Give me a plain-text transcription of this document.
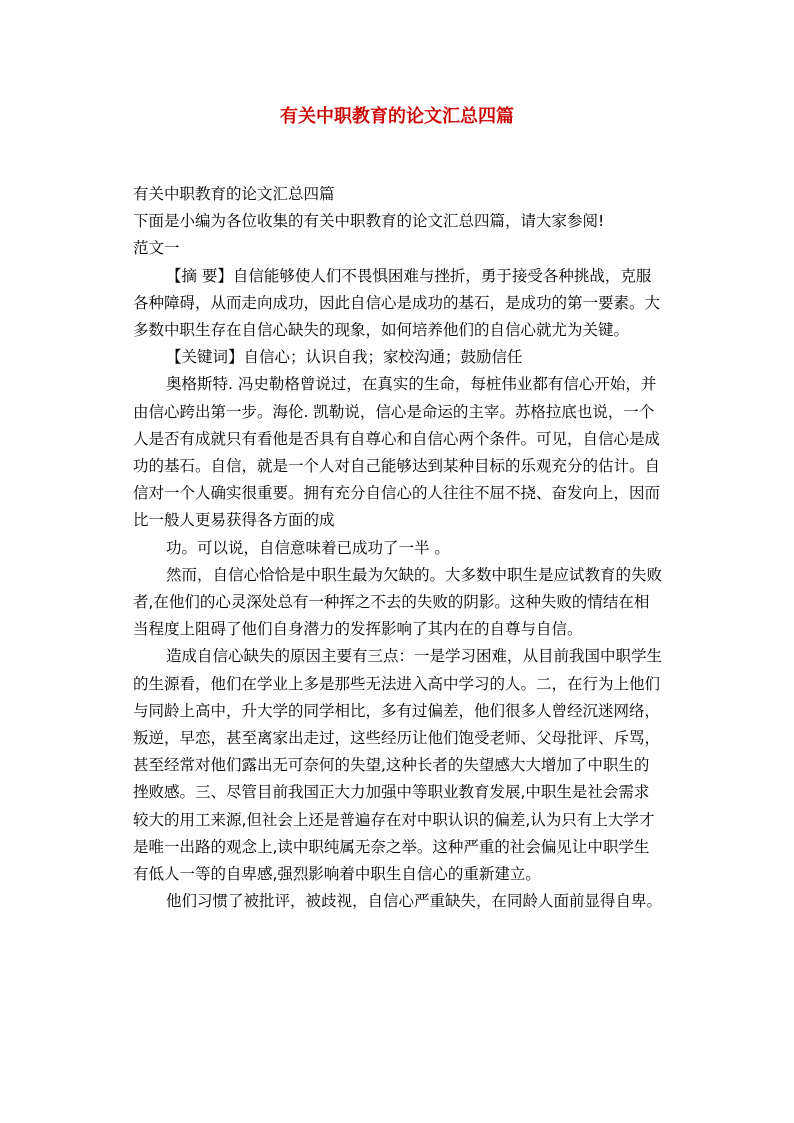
有关中职教育的论文汇总四篇

有关中职教育的论文汇总四篇

下面是小编为各位收集的有关中职教育的论文汇总四篇，请大家参阅!

范文一

【摘 要】自信能够使人们不畏惧困难与挫折，勇于接受各种挑战，克服各种障碍，从而走向成功，因此自信心是成功的基石，是成功的第一要素。大多数中职生存在自信心缺失的现象，如何培养他们的自信心就尤为关键。

【关键词】自信心；认识自我；家校沟通；鼓励信任

奥格斯特. 冯史勒格曾说过，在真实的生命，每桩伟业都有信心开始，并由信心跨出第一步。海伦. 凯勒说，信心是命运的主宰。苏格拉底也说，一个人是否有成就只有看他是否具有自尊心和自信心两个条件。可见，自信心是成功的基石。自信，就是一个人对自己能够达到某种目标的乐观充分的估计。自信对一个人确实很重要。拥有充分自信心的人往往不屈不挠、奋发向上，因而比一般人更易获得各方面的成

功。可以说，自信意味着已成功了一半 。

然而，自信心恰恰是中职生最为欠缺的。大多数中职生是应试教育的失败者,在他们的心灵深处总有一种挥之不去的失败的阴影。这种失败的情结在相当程度上阻碍了他们自身潜力的发挥影响了其内在的自尊与自信。

造成自信心缺失的原因主要有三点：一是学习困难，从目前我国中职学生的生源看，他们在学业上多是那些无法进入高中学习的人。二，在行为上他们与同龄上高中，升大学的同学相比，多有过偏差，他们很多人曾经沉迷网络，叛逆，早恋，甚至离家出走过，这些经历让他们饱受老师、父母批评、斥骂，甚至经常对他们露出无可奈何的失望,这种长者的失望感大大增加了中职生的挫败感。三、尽管目前我国正大力加强中等职业教育发展,中职生是社会需求较大的用工来源,但社会上还是普遍存在对中职认识的偏差,认为只有上大学才是唯一出路的观念上,读中职纯属无奈之举。这种严重的社会偏见让中职学生有低人一等的自卑感,强烈影响着中职生自信心的重新建立。

他们习惯了被批评，被歧视，自信心严重缺失，在同龄人面前显得自卑。
